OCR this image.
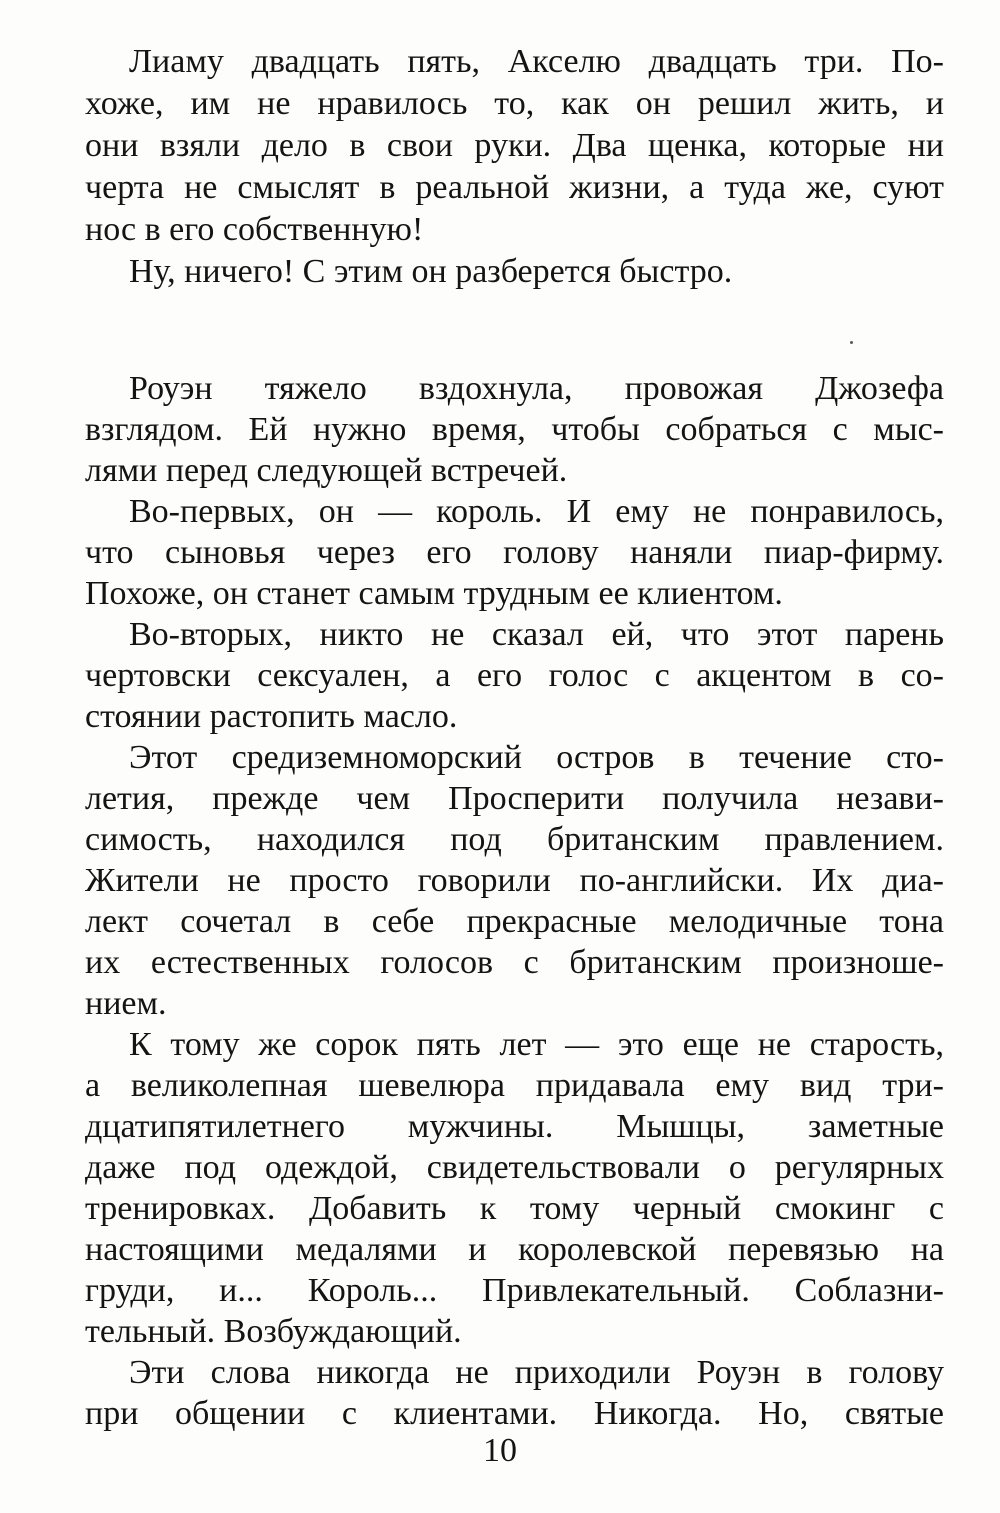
Лиаму двадцать пять, Акселю двадцать три. По-

хоже, им не нравилось то, как он решил жить, и

они взяли дело в свои руки. Два щенка, которые ни

черта не смыслят в реальной жизни, а туда же, суют

нос в его собственную!

Ну, ничего! С этим он разберется быстро.

Роуэн тяжело вздохнула, провожая Джозефа

взглядом. Ей нужно время, чтобы собраться с мыс-

лями перед следующей встречей.

Во-первых, он — король. И ему не понравилось,

что сыновья через его голову наняли пиар-фирму.

Похоже, он станет самым трудным ее клиентом.

Во-вторых, никто не сказал ей, что этот парень

чертовски сексуален, а его голос с акцентом в со-

стоянии растопить масло.

Этот средиземноморский остров в течение сто-

летия, прежде чем Просперити получила незави-

симость, находился под британским правлением.

Жители не просто говорили по-английски. Их диа-

лект сочетал в себе прекрасные мелодичные тона

их естественных голосов с британским произноше-

нием.

К тому же сорок пять лет — это еще не старость,

а великолепная шевелюра придавала ему вид три-

дцатипятилетнего мужчины. Мышцы, заметные

даже под одеждой, свидетельствовали о регулярных

тренировках. Добавить к тому черный смокинг с

настоящими медалями и королевской перевязью на

груди, и... Король... Привлекательный. Соблазни-

тельный. Возбуждающий.

Эти слова никогда не приходили Роуэн в голову

при общении с клиентами. Никогда. Но, святые

10
